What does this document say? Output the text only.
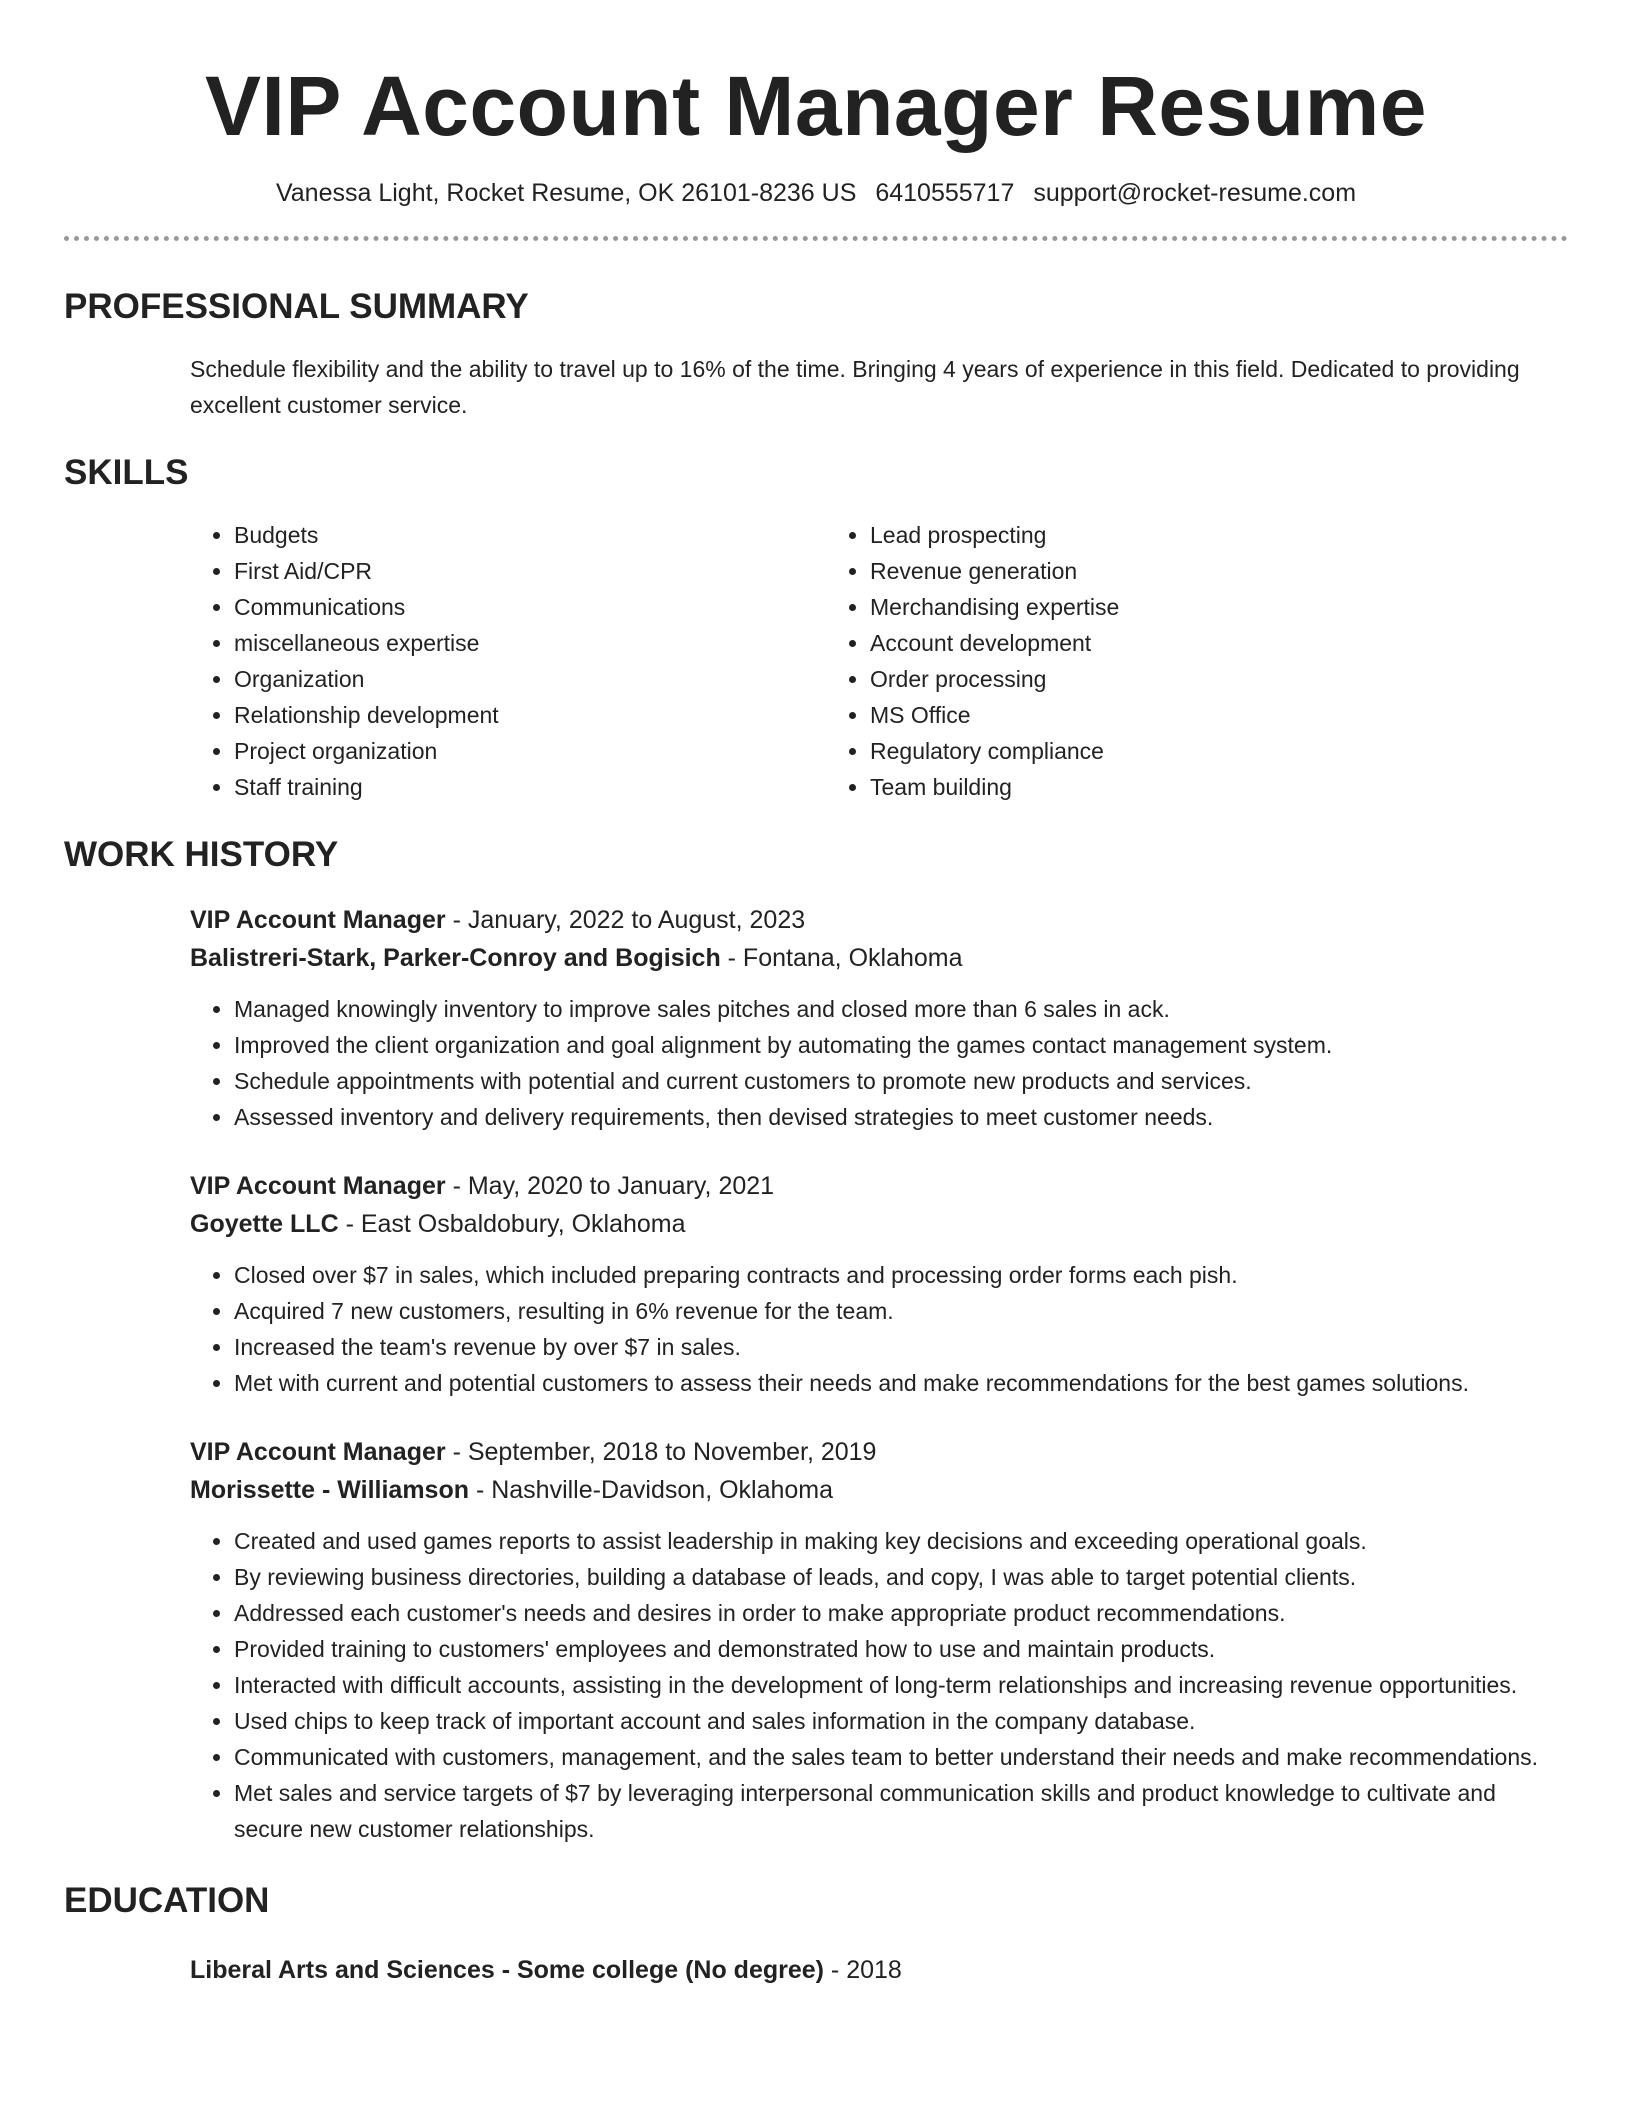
VIP Account Manager Resume
Vanessa Light, Rocket Resume, OK 26101-8236 US 6410555717 support@rocket-resume.com
PROFESSIONAL SUMMARY

Schedule flexibility and the ability to travel up to 16% of the time. Bringing 4 years of experience in this field. Dedicated to providing excellent customer service.

SKILLS
• Budgets
• First Aid/CPR
• Communications
• miscellaneous expertise
• Organization
• Relationship development
• Project organization
• Staff training
• Lead prospecting
• Revenue generation
• Merchandising expertise
• Account development
• Order processing
• MS Office
• Regulatory compliance
• Team building
WORK HISTORY
VIP Account Manager - January, 2022 to August, 2023
Balistreri-Stark, Parker-Conroy and Bogisich - Fontana, Oklahoma
• Managed knowingly inventory to improve sales pitches and closed more than 6 sales in ack.
• Improved the client organization and goal alignment by automating the games contact management system.
• Schedule appointments with potential and current customers to promote new products and services.
• Assessed inventory and delivery requirements, then devised strategies to meet customer needs.
VIP Account Manager - May, 2020 to January, 2021
Goyette LLC - East Osbaldobury, Oklahoma
• Closed over $7 in sales, which included preparing contracts and processing order forms each pish.
• Acquired 7 new customers, resulting in 6% revenue for the team.
• Increased the team's revenue by over $7 in sales.
• Met with current and potential customers to assess their needs and make recommendations for the best games solutions.
VIP Account Manager - September, 2018 to November, 2019
Morissette - Williamson - Nashville-Davidson, Oklahoma
• Created and used games reports to assist leadership in making key decisions and exceeding operational goals.
• By reviewing business directories, building a database of leads, and copy, I was able to target potential clients.
• Addressed each customer's needs and desires in order to make appropriate product recommendations.
• Provided training to customers' employees and demonstrated how to use and maintain products.
• Interacted with difficult accounts, assisting in the development of long-term relationships and increasing revenue opportunities.
• Used chips to keep track of important account and sales information in the company database.
• Communicated with customers, management, and the sales team to better understand their needs and make recommendations.
• Met sales and service targets of $7 by leveraging interpersonal communication skills and product knowledge to cultivate and secure new customer relationships.
EDUCATION
Liberal Arts and Sciences - Some college (No degree) - 2018
